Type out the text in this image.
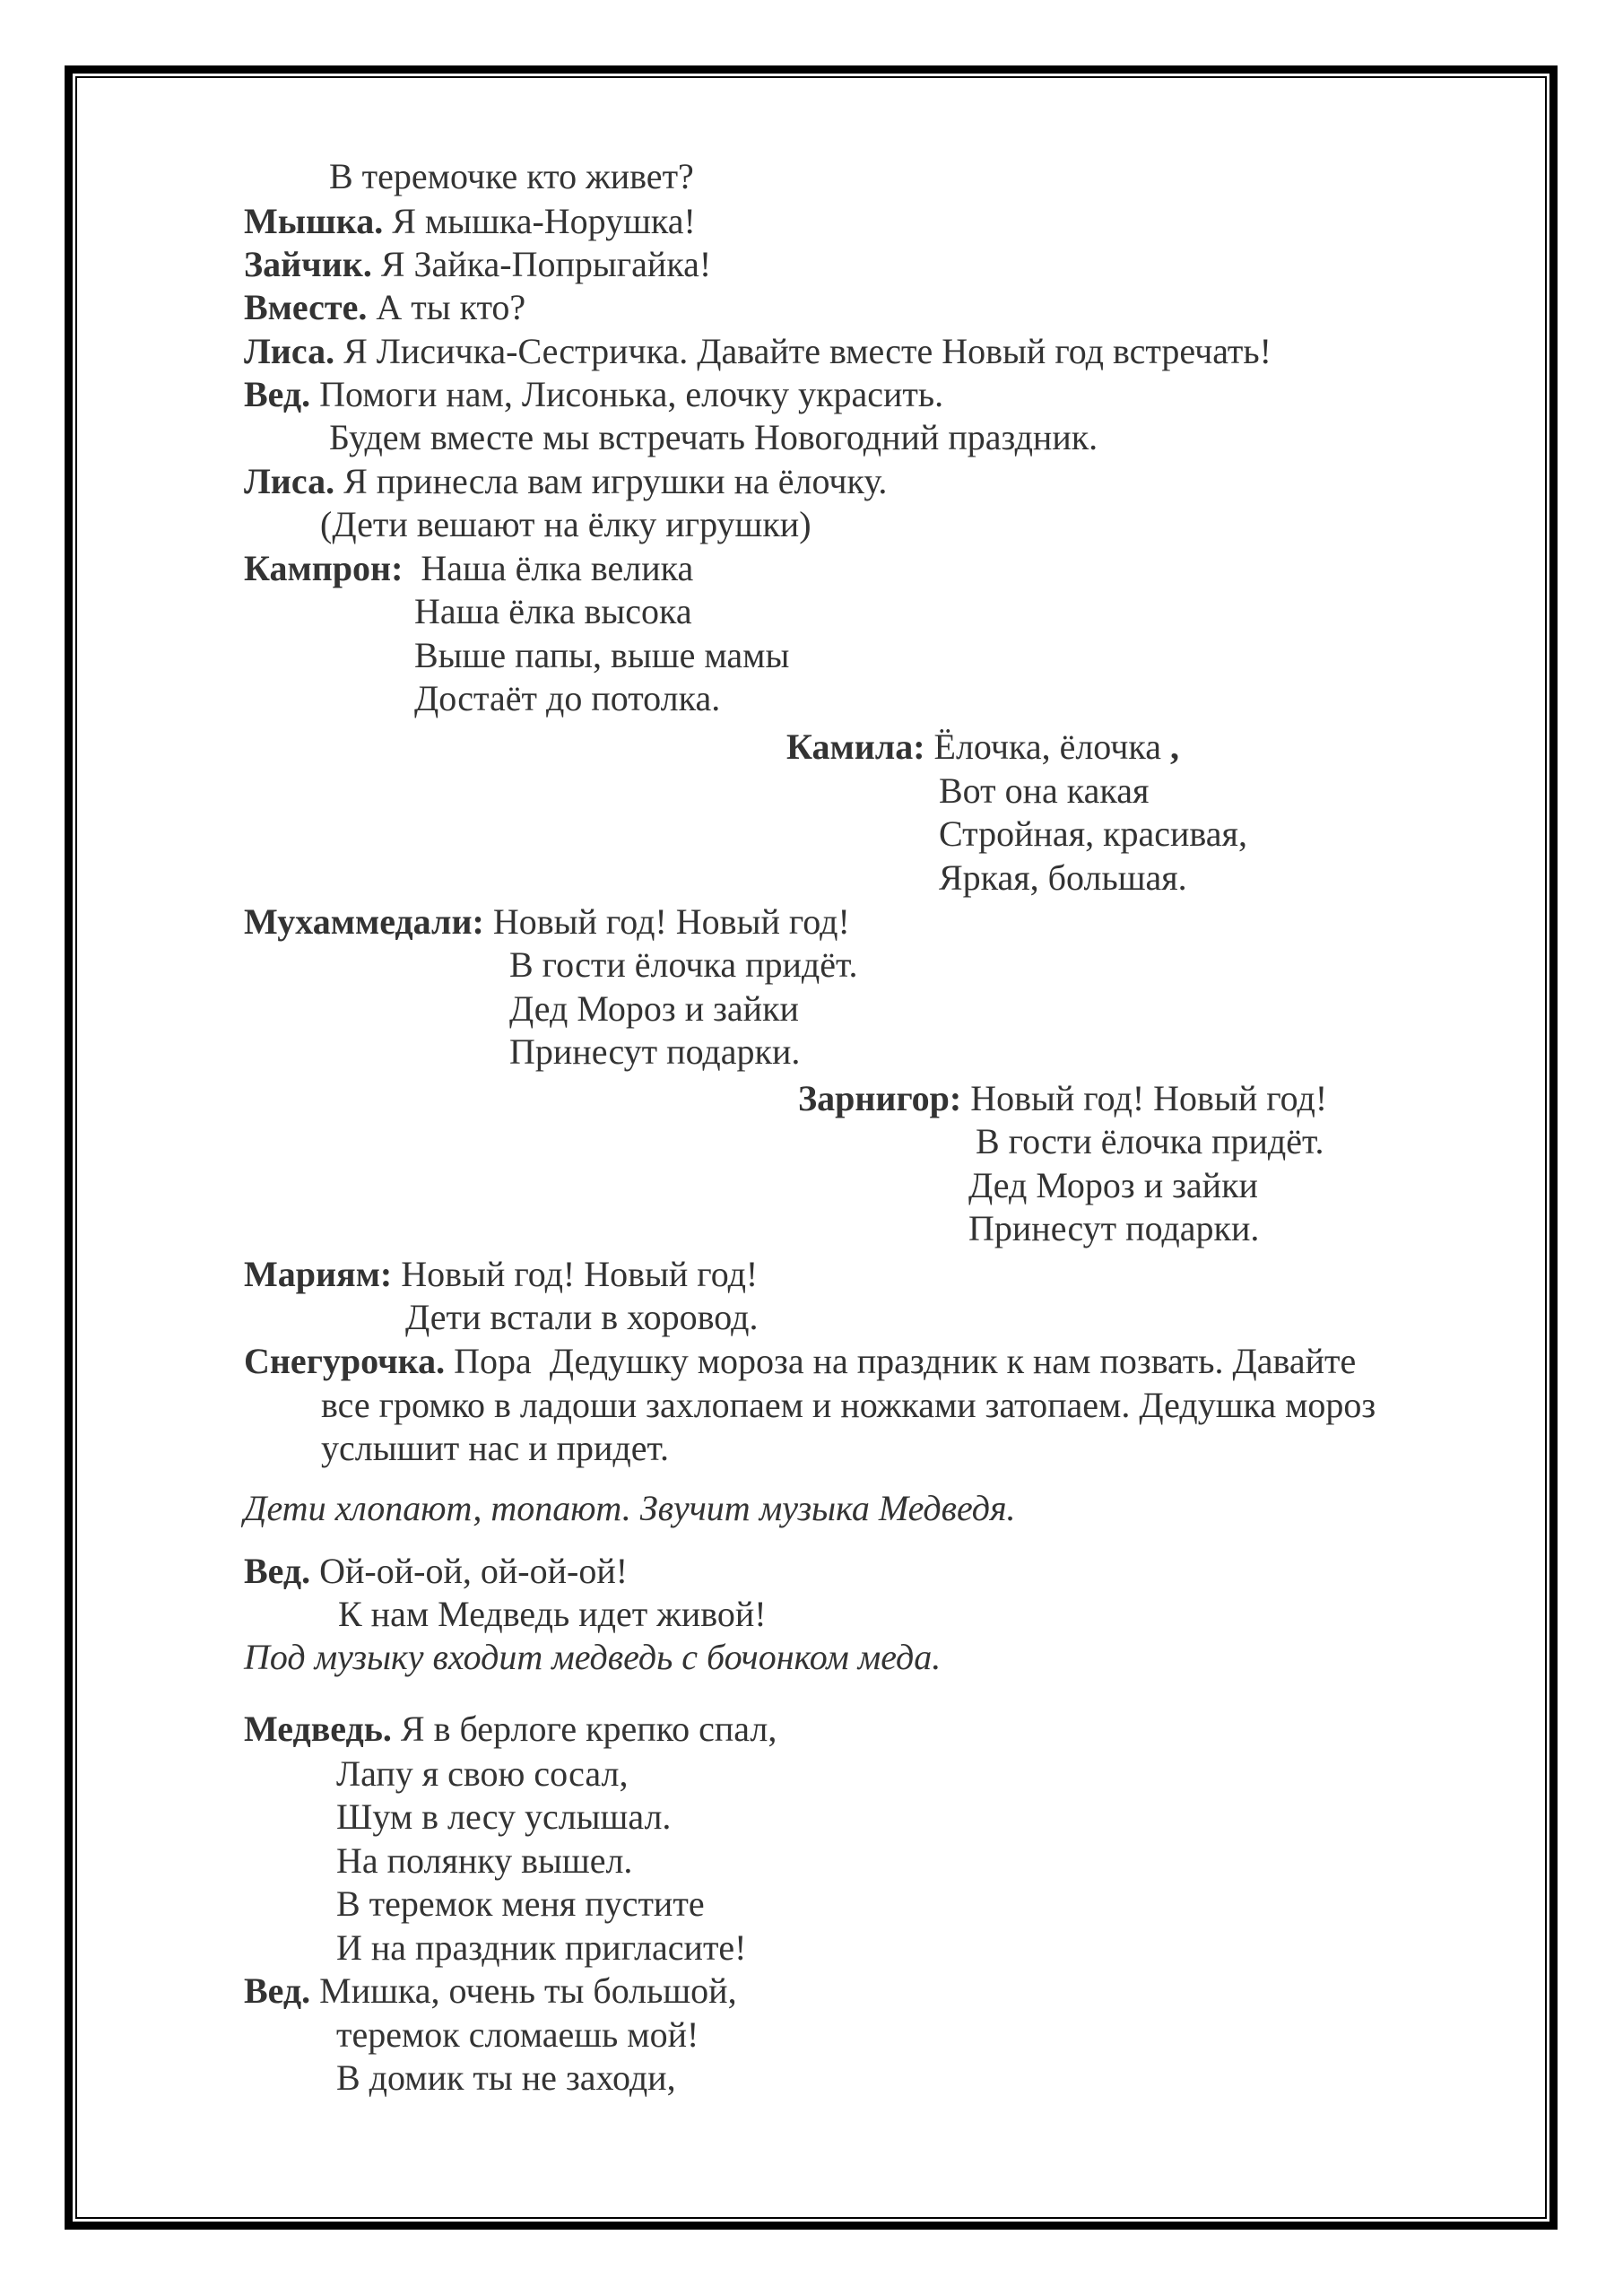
В теремочке кто живет?
Мышка. Я мышка-Норушка!
Зайчик. Я Зайка-Попрыгайка!
Вместе. А ты кто?
Лиса. Я Лисичка-Сестричка. Давайте вместе Новый год встречать!
Вед. Помоги нам, Лисонька, елочку украсить.
Будем вместе мы встречать Новогодний праздник.
Лиса. Я принесла вам игрушки на ёлочку.
(Дети вешают на ёлку игрушки)
Кампрон:  Наша ёлка велика
Наша ёлка высока
Выше папы, выше мамы
Достаёт до потолка.
Камила: Ёлочка, ёлочка ,
Вот она какая
Стройная, красивая,
Яркая, большая.
Мухаммедали: Новый год! Новый год!
В гости ёлочка придёт.
Дед Мороз и зайки
Принесут подарки.
Зарнигор: Новый год! Новый год!
В гости ёлочка придёт.
Дед Мороз и зайки
Принесут подарки.
Мариям: Новый год! Новый год!
Дети встали в хоровод.
Снегурочка. Пора  Дедушку мороза на праздник к нам позвать. Давайте
все громко в ладоши захлопаем и ножками затопаем. Дедушка мороз
услышит нас и придет.
Дети хлопают, топают. Звучит музыка Медведя.
Вед. Ой-ой-ой, ой-ой-ой!
К нам Медведь идет живой!
Под музыку входит медведь с бочонком меда.
Медведь. Я в берлоге крепко спал,
Лапу я свою сосал,
Шум в лесу услышал.
На полянку вышел.
В теремок меня пустите
И на праздник пригласите!
Вед. Мишка, очень ты большой,
теремок сломаешь мой!
В домик ты не заходи,
